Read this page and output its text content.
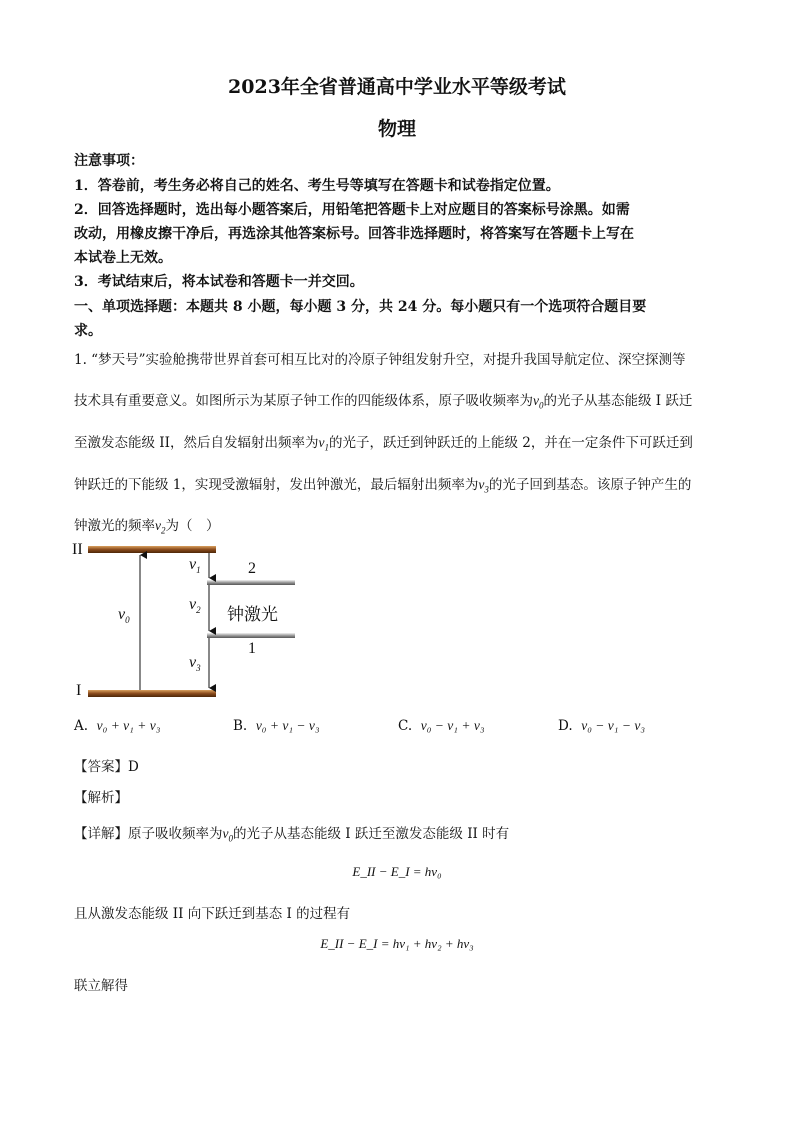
2023年全省普通高中学业水平等级考试
物理
注意事项：
1．答卷前，考生务必将自己的姓名、考生号等填写在答题卡和试卷指定位置。
2．回答选择题时，选出每小题答案后，用铅笔把答题卡上对应题目的答案标号涂黑。如需
改动，用橡皮擦干净后，再选涂其他答案标号。回答非选择题时，将答案写在答题卡上写在
本试卷上无效。
3．考试结束后，将本试卷和答题卡一并交回。
一、单项选择题：本题共 8 小题，每小题 3 分，共 24 分。每小题只有一个选项符合题目要
求。
1. “梦天号”实验舱携带世界首套可相互比对的冷原子钟组发射升空，对提升我国导航定位、深空探测等
技术具有重要意义。如图所示为某原子钟工作的四能级体系，原子吸收频率为$\nu_0$的光子从基态能级 I 跃迁
至激发态能级 II，然后自发辐射出频率为$\nu_1$的光子，跃迁到钟跃迁的上能级 2，并在一定条件下可跃迁到
钟跃迁的下能级 1，实现受激辐射，发出钟激光，最后辐射出频率为$\nu_3$的光子回到基态。该原子钟产生的
钟激光的频率$\nu_2$为（　）
II
I
2
1
$\nu_0$
$\nu_1$
$\nu_2$
$\nu_3$
钟激光
A. ν₀ + ν₁ + ν₃	B. ν₀ + ν₁ − ν₃	C. ν₀ − ν₁ + ν₃	D. ν₀ − ν₁ − ν₃
【答案】D
【解析】
【详解】原子吸收频率为$\nu_0$的光子从基态能级 I 跃迁至激发态能级 II 时有
E_II − E_I = hν₀
且从激发态能级 II 向下跃迁到基态 I 的过程有
E_II − E_I = hν₁ + hν₂ + hν₃
联立解得
